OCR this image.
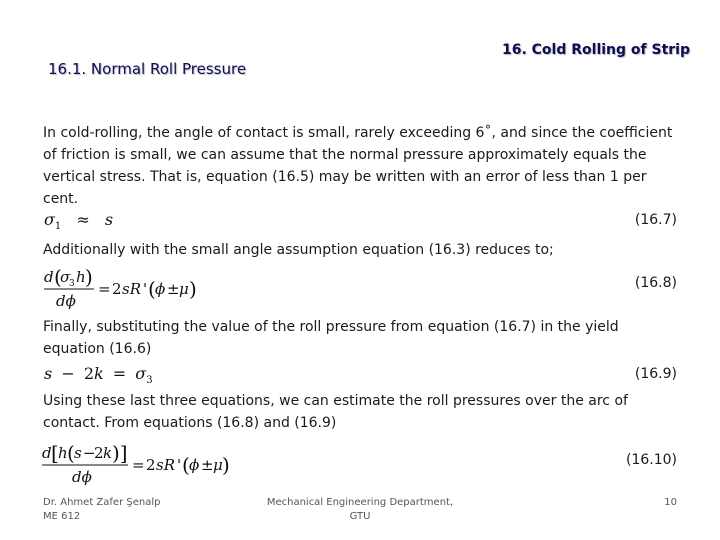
16. Cold Rolling of Strip
16.1. Normal Roll Pressure
In cold-rolling, the angle of contact is small, rarely exceeding 6˚, and since the coefficient of friction is small, we can assume that the normal pressure approximately equals the vertical stress. That is, equation (16.5) may be written with an error of less than 1 per cent.
$\sigma_1 \approx s$	(16.7)
Additionally with the small angle assumption equation (16.3) reduces to;
d (
σ
3 h )
dϕ
= 2 sR ' ( ϕ ± μ )	(16.8)
Finally, substituting the value of the roll pressure from equation (16.7) in the yield equation (16.6)
$s - 2k = \sigma_3$	(16.9)
Using these last three equations, we can estimate the roll pressures over the arc of contact. From equations (16.8) and (16.9)
d [ h ( s −
2 k )]
dϕ
= 2 sR ' ( ϕ ± μ )	(16.10)
Dr. Ahmet Zafer Şenalp
ME 612
Mechanical Engineering Department,
GTU
10
